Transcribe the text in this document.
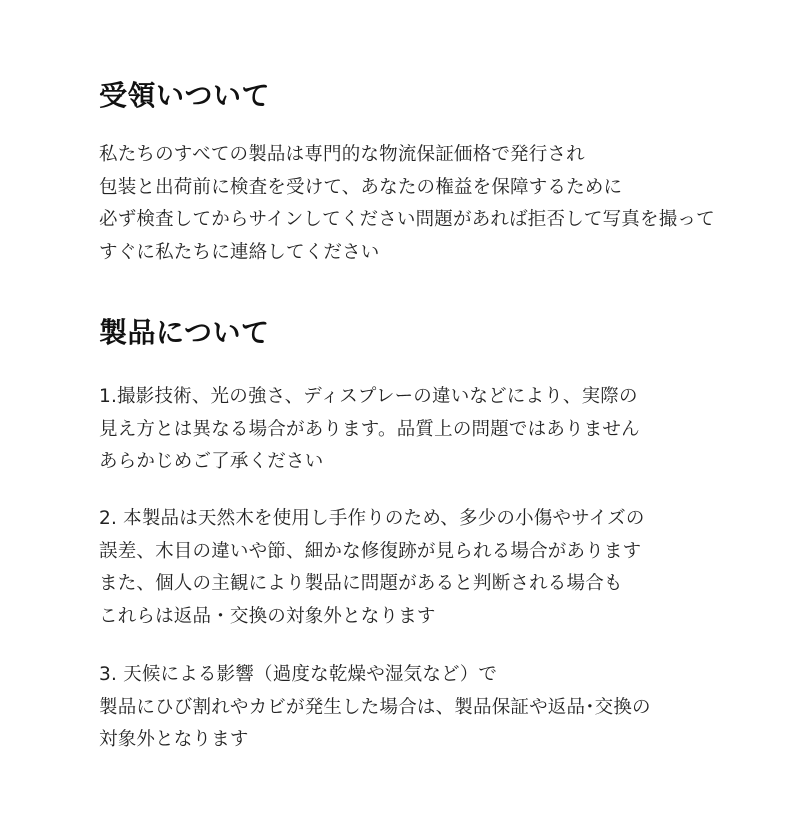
受領いついて

私たちのすべての製品は専門的な物流保証価格で発行され
包装と出荷前に検査を受けて、あなたの権益を保障するために
必ず検査してからサインしてください問題があれば拒否して写真を撮って
すぐに私たちに連絡してください

製品について

1.撮影技術、光の強さ、ディスプレーの違いなどにより、実際の
見え方とは異なる場合があります。品質上の問題ではありません
あらかじめご了承ください

2. 本製品は天然木を使用し手作りのため、多少の小傷やサイズの
誤差、木目の違いや節、細かな修復跡が見られる場合があります
また、個人の主観により製品に問題があると判断される場合も
これらは返品・交換の対象外となります

3. 天候による影響（過度な乾燥や湿気など）で
製品にひび割れやカビが発生した場合は、製品保証や返品･交換の
対象外となります
